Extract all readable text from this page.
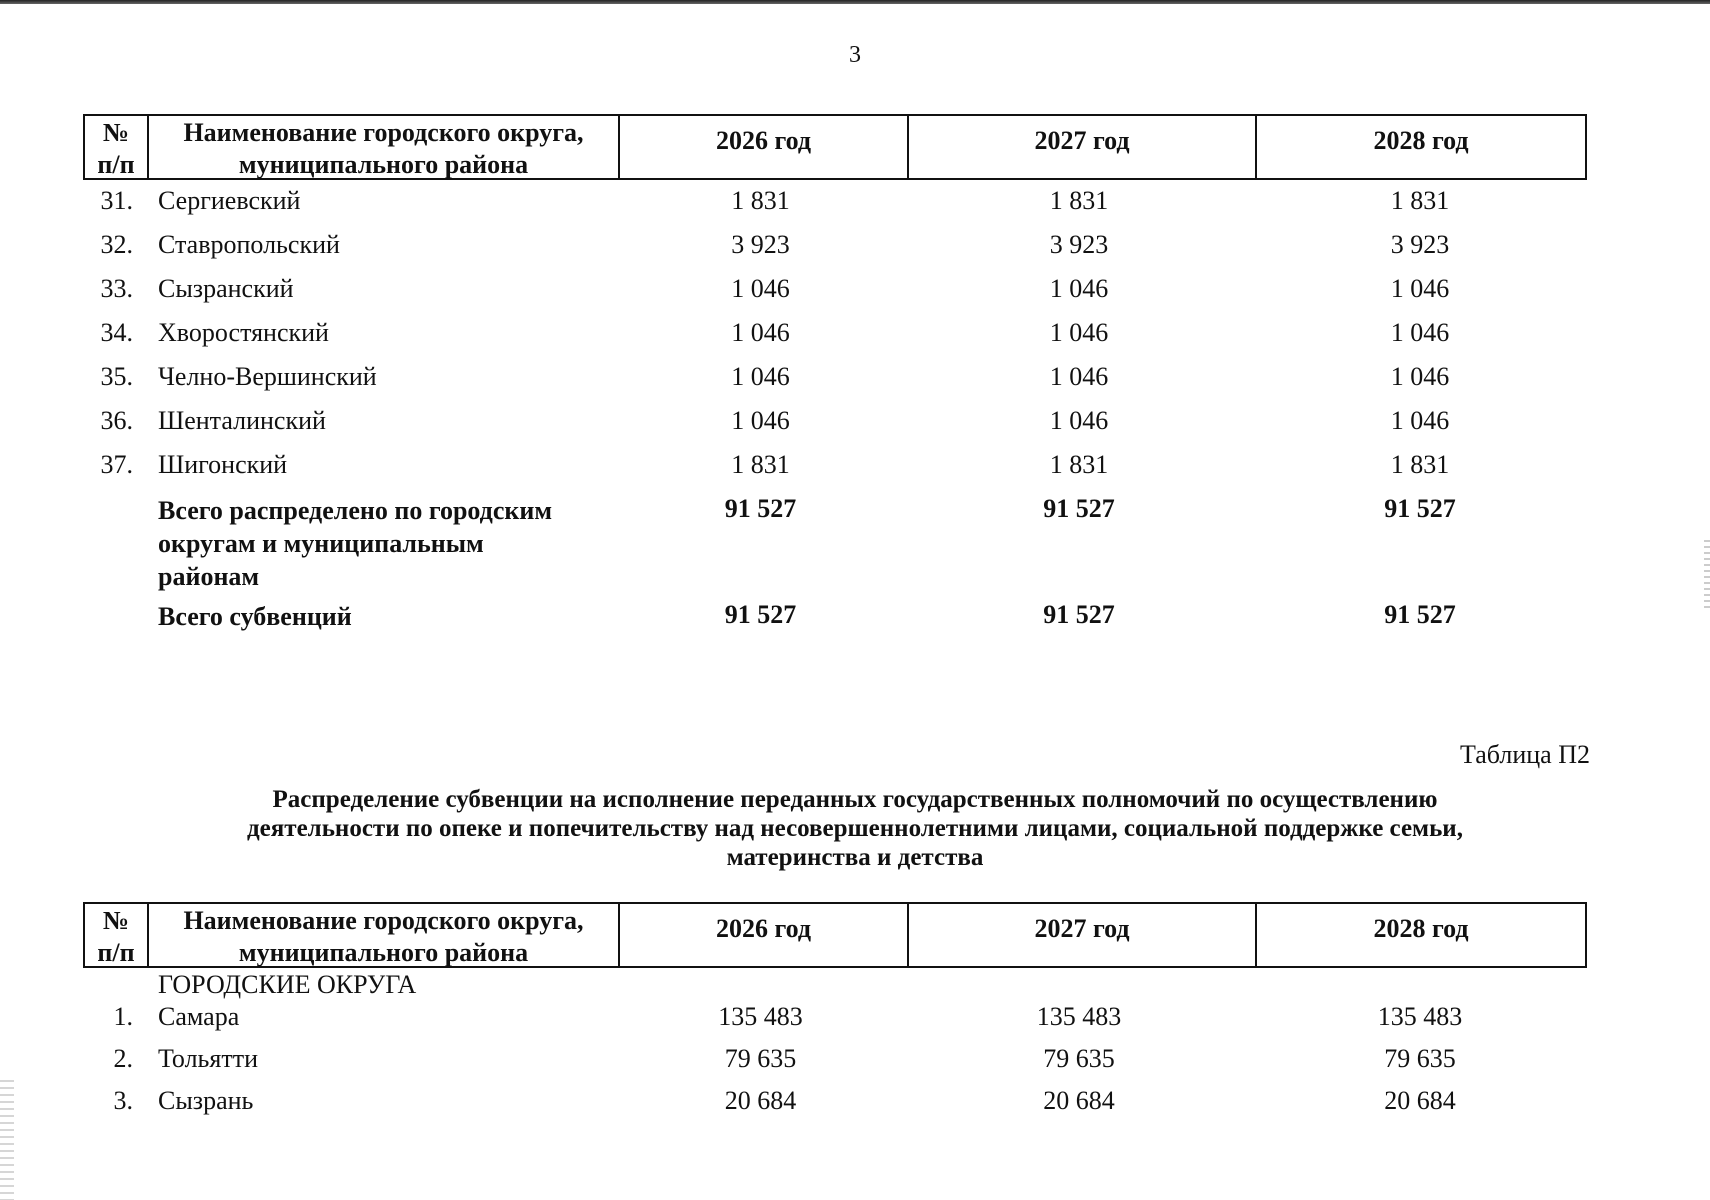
3
№
п/п
Наименование городского округа,
муниципального района
2026 год	2027 год	2028 год
31. Сергиевский	1 831	1 831	1 831
32. Ставропольский	3 923	3 923	3 923
33. Сызранский	1 046	1 046	1 046
34. Хворостянский	1 046	1 046	1 046
35. Челно-Вершинский	1 046	1 046	1 046
36. Шенталинский	1 046	1 046	1 046
37. Шигонский	1 831	1 831	1 831
Всего распределено по городским
округам и муниципальным
районам
91 527	91 527	91 527
Всего субвенций	91 527	91 527	91 527
Таблица П2
Распределение субвенции на исполнение переданных государственных полномочий по осуществлению
деятельности по опеке и попечительству над несовершеннолетними лицами, социальной поддержке семьи,
материнства и детства
№
п/п
Наименование городского округа,
муниципального района
2026 год	2027 год	2028 год
ГОРОДСКИЕ ОКРУГА
1. Самара	135 483	135 483	135 483
2. Тольятти	79 635	79 635	79 635
3. Сызрань	20 684	20 684	20 684
